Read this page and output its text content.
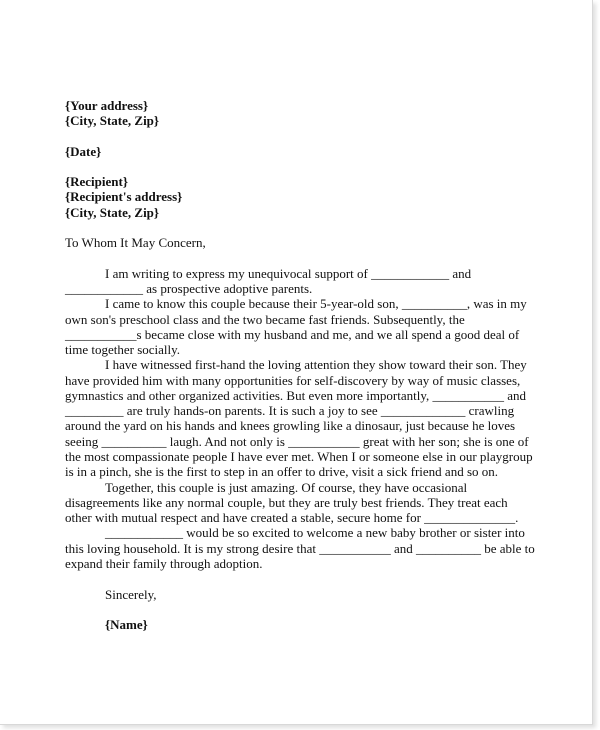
{Your address}
{City, State, Zip}
{Date}
{Recipient}
{Recipient's address}
{City, State, Zip}
To Whom It May Concern,
I am writing to express my unequivocal support of ____________ and
____________ as prospective adoptive parents.
I came to know this couple because their 5-year-old son, __________, was in my
own son's preschool class and the two became fast friends. Subsequently, the
___________s became close with my husband and me, and we all spend a good deal of
time together socially.
I have witnessed first-hand the loving attention they show toward their son. They
have provided him with many opportunities for self-discovery by way of music classes,
gymnastics and other organized activities. But even more importantly, ___________ and
_________ are truly hands-on parents. It is such a joy to see _____________ crawling
around the yard on his hands and knees growling like a dinosaur, just because he loves
seeing __________ laugh. And not only is ___________ great with her son; she is one of
the most compassionate people I have ever met. When I or someone else in our playgroup
is in a pinch, she is the first to step in an offer to drive, visit a sick friend and so on.
Together, this couple is just amazing. Of course, they have occasional
disagreements like any normal couple, but they are truly best friends. They treat each
other with mutual respect and have created a stable, secure home for ______________.
____________ would be so excited to welcome a new baby brother or sister into
this loving household. It is my strong desire that ___________ and __________ be able to
expand their family through adoption.
Sincerely,
{Name}
